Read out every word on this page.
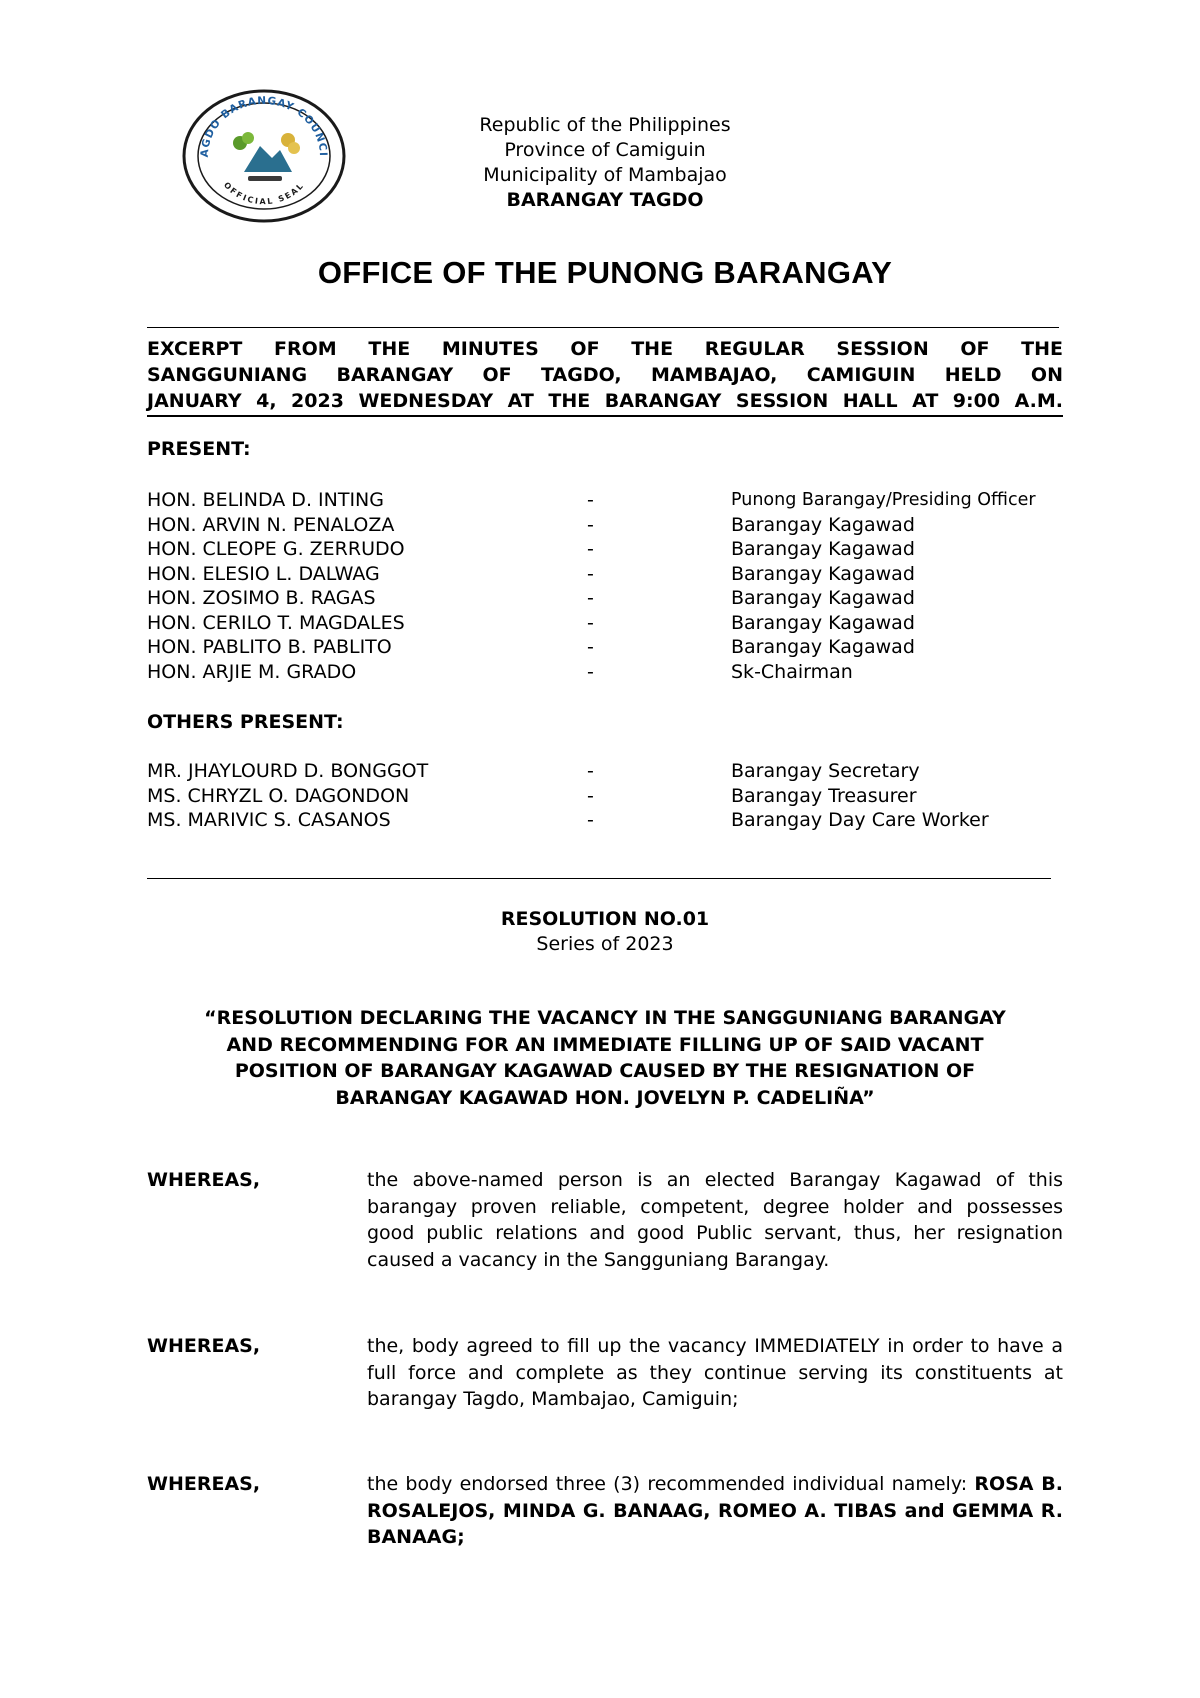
AGDO BARANGAY COUNCI
OFFICIAL SEAL
Republic of the Philippines
Province of Camiguin
Municipality of Mambajao
BARANGAY TAGDO
OFFICE OF THE PUNONG BARANGAY
EXCERPT FROM THE MINUTES OF THE REGULAR SESSION OF THE
SANGGUNIANG BARANGAY OF TAGDO, MAMBAJAO, CAMIGUIN HELD ON
JANUARY 4, 2023 WEDNESDAY AT THE BARANGAY SESSION HALL AT 9:00 A.M.
PRESENT:
HON. BELINDA D. INTING	-	Punong Barangay/Presiding Officer
HON. ARVIN N. PENALOZA	-	Barangay Kagawad
HON. CLEOPE G. ZERRUDO	-	Barangay Kagawad
HON. ELESIO L. DALWAG	-	Barangay Kagawad
HON. ZOSIMO B. RAGAS	-	Barangay Kagawad
HON. CERILO T. MAGDALES	-	Barangay Kagawad
HON. PABLITO B. PABLITO	-	Barangay Kagawad
HON. ARJIE M. GRADO	-	Sk-Chairman
OTHERS PRESENT:
MR. JHAYLOURD D. BONGGOT	-	Barangay Secretary
MS. CHRYZL O. DAGONDON	-	Barangay Treasurer
MS. MARIVIC S. CASANOS	-	Barangay Day Care Worker
RESOLUTION NO.01
Series of 2023
“RESOLUTION DECLARING THE VACANCY IN THE SANGGUNIANG BARANGAY
AND RECOMMENDING FOR AN IMMEDIATE FILLING UP OF SAID VACANT
POSITION OF BARANGAY KAGAWAD CAUSED BY THE RESIGNATION OF
BARANGAY KAGAWAD HON. JOVELYN P. CADELIÑA”
WHEREAS,	the above-named person is an elected Barangay Kagawad of this barangay proven reliable, competent, degree holder and possesses good public relations and good Public servant, thus, her resignation caused a vacancy in the Sangguniang Barangay.
WHEREAS,	the, body agreed to fill up the vacancy IMMEDIATELY in order to have a full force and complete as they continue serving its constituents at barangay Tagdo, Mambajao, Camiguin;
WHEREAS,	the body endorsed three (3) recommended individual namely: ROSA B. ROSALEJOS, MINDA G. BANAAG, ROMEO A. TIBAS and GEMMA R. BANAAG;
